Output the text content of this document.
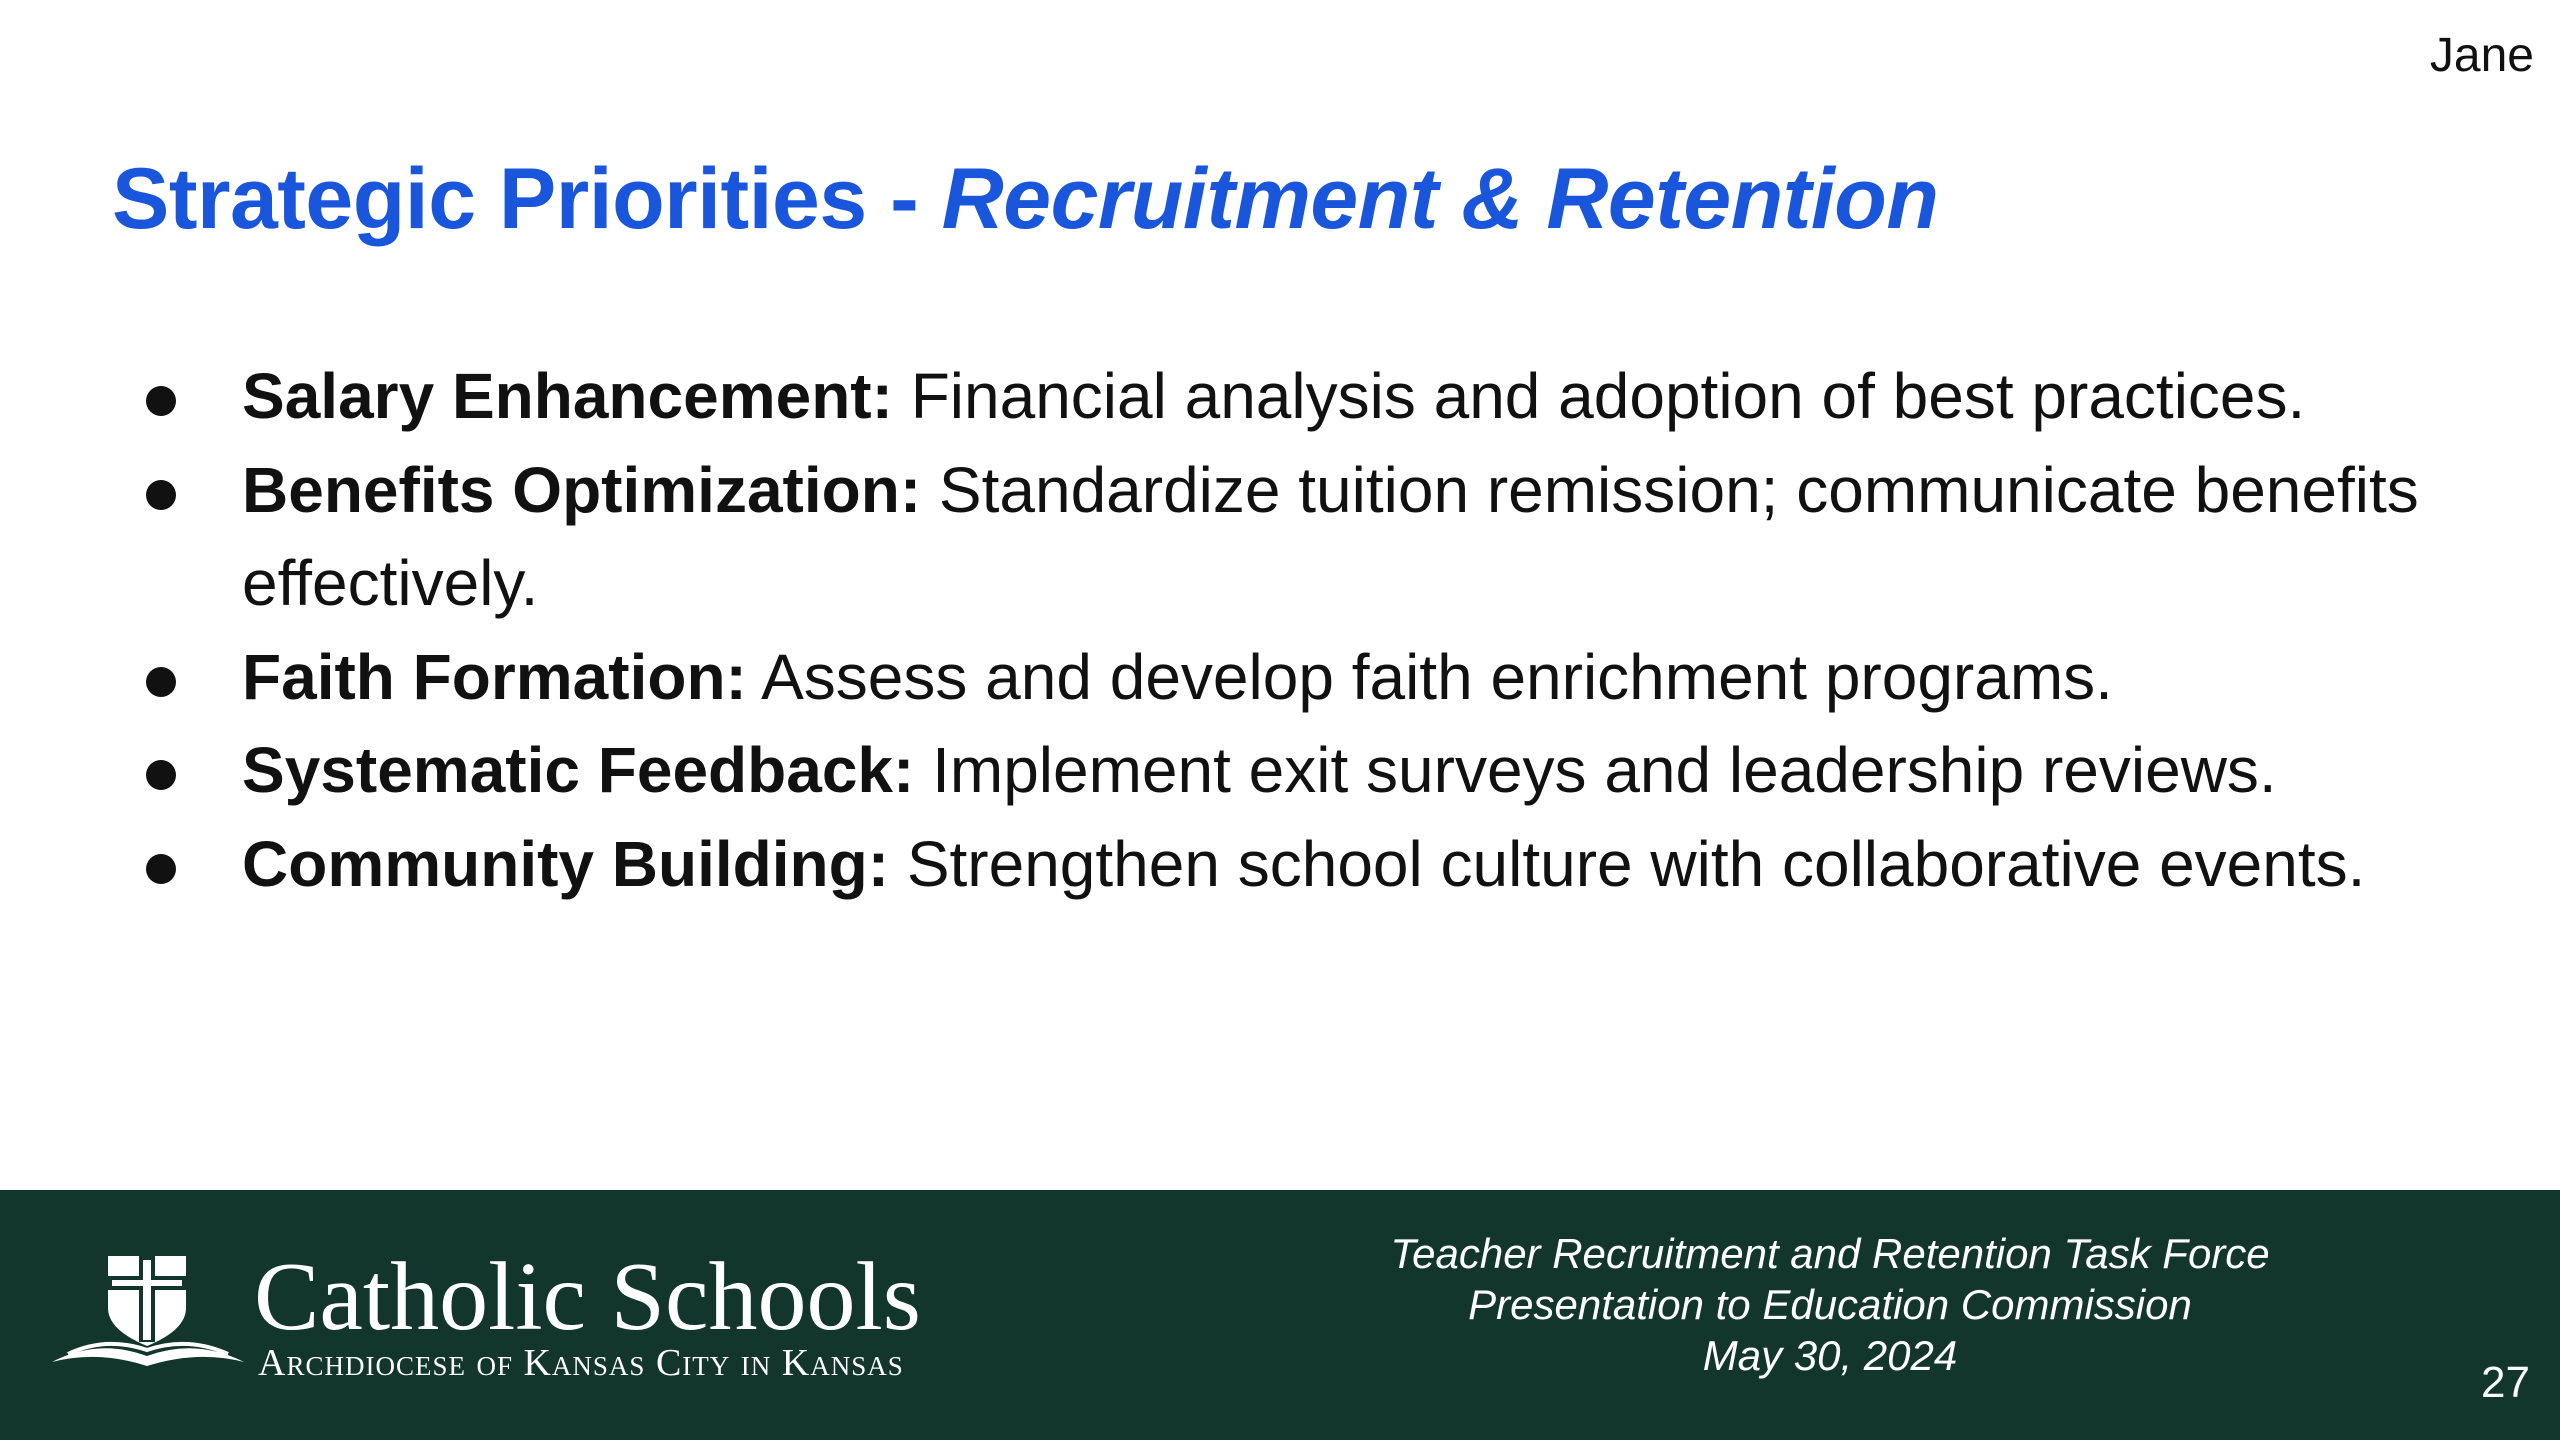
Jane
Strategic Priorities - Recruitment & Retention
Salary Enhancement: Financial analysis and adoption of best practices.
Benefits Optimization: Standardize tuition remission; communicate benefits effectively.
Faith Formation: Assess and develop faith enrichment programs.
Systematic Feedback: Implement exit surveys and leadership reviews.
Community Building: Strengthen school culture with collaborative events.
Catholic Schools
Archdiocese of Kansas City in Kansas
Teacher Recruitment and Retention Task Force
Presentation to Education Commission
May 30, 2024
27
